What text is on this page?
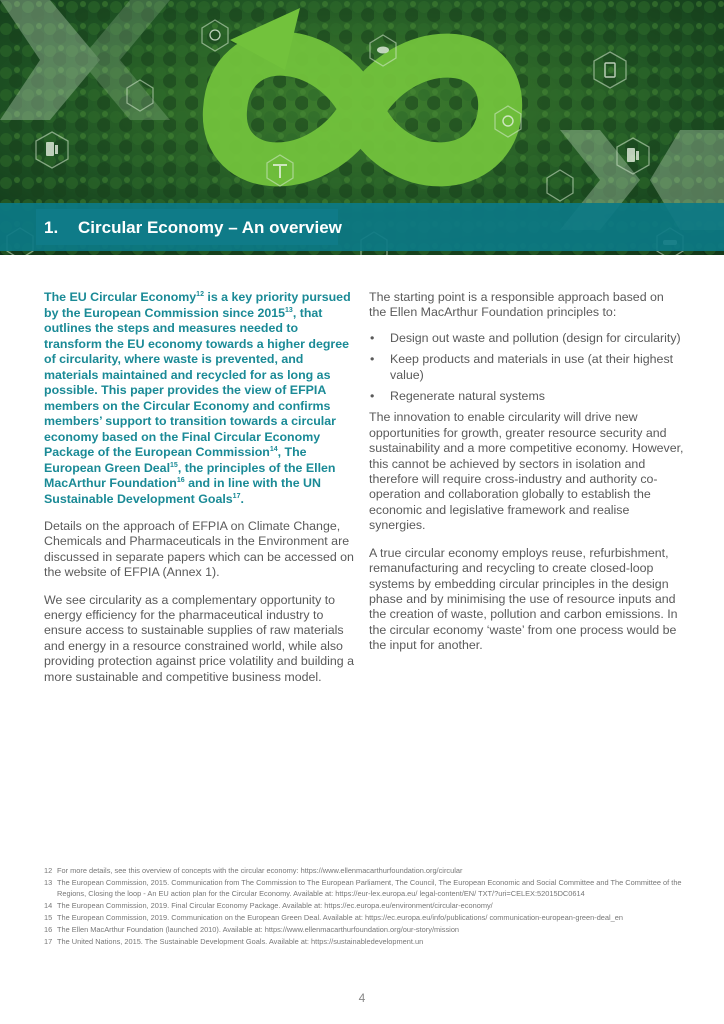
1. Circular Economy – An overview

The EU Circular Economy$^{12}$ is a key priority pursued by the European Commission since 2015$^{13}$, that outlines the steps and measures needed to transform the EU economy towards a higher degree of circularity, where waste is prevented, and materials maintained and recycled for as long as possible. This paper provides the view of EFPIA members on the Circular Economy and confirms members’ support to transition towards a circular economy based on the Final Circular Economy Package of the European Commission$^{14}$, The European Green Deal$^{15}$, the principles of the Ellen MacArthur Foundation$^{16}$ and in line with the UN Sustainable Development Goals$^{17}$.

Details on the approach of EFPIA on Climate Change, Chemicals and Pharmaceuticals in the Environment are discussed in separate papers which can be accessed on the website of EFPIA (Annex 1).

We see circularity as a complementary opportunity to energy efficiency for the pharmaceutical industry to ensure access to sustainable supplies of raw materials and energy in a resource constrained world, while also providing protection against price volatility and building a more sustainable and competitive business model.

The starting point is a responsible approach based on the Ellen MacArthur Foundation principles to:

• Design out waste and pollution (design for circularity)
• Keep products and materials in use (at their highest value)
• Regenerate natural systems

The innovation to enable circularity will drive new opportunities for growth, greater resource security and sustainability and a more competitive economy. However, this cannot be achieved by sectors in isolation and therefore will require cross-industry and authority co-operation and collaboration globally to establish the economic and legislative framework and realise synergies.

A true circular economy employs reuse, refurbishment, remanufacturing and recycling to create closed-loop systems by embedding circular principles in the design phase and by minimising the use of resource inputs and the creation of waste, pollution and carbon emissions. In the circular economy ‘waste’ from one process would be the input for another.

12 For more details, see this overview of concepts with the circular economy: https://www.ellenmacarthurfoundation.org/circular
13 The European Commission, 2015. Communication from The Commission to The European Parliament, The Council, The European Economic and Social Committee and The Committee of the Regions, Closing the loop - An EU action plan for the Circular Economy. Available at: https://eur-lex.europa.eu/ legal-content/EN/ TXT/?uri=CELEX:52015DC0614
14 The European Commission, 2019. Final Circular Economy Package. Available at: https://ec.europa.eu/environment/circular-economy/
15 The European Commission, 2019. Communication on the European Green Deal. Available at: https://ec.europa.eu/info/publications/ communication-european-green-deal_en
16 The Ellen MacArthur Foundation (launched 2010). Available at: https://www.ellenmacarthurfoundation.org/our-story/mission
17 The United Nations, 2015. The Sustainable Development Goals. Available at: https://sustainabledevelopment.un
4
